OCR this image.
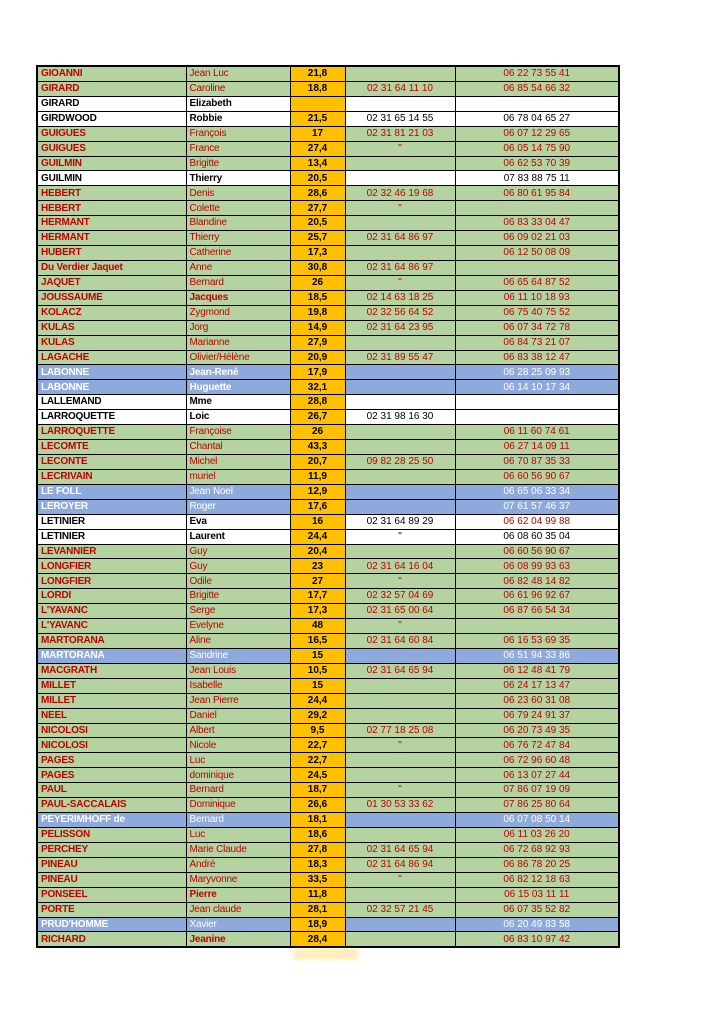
GIOANNI	Jean Luc	21,8		06 22 73 55 41
GIRARD	Caroline	18,8	02 31 64 11 10	06 85 54 66 32
GIRARD	Elizabeth			
GIRDWOOD	Robbie	21,5	02 31 65 14 55	06 78 04 65 27
GUIGUES	François	17	02 31 81 21 03	06 07 12 29 65
GUIGUES	France	27,4	"	06 05 14 75 90
GUILMIN	Brigitte	13,4		06 62 53 70 39
GUILMIN	Thierry	20,5		07 83 88 75 11
HEBERT	Denis	28,6	02 32 46 19 68	06 80 61 95 84
HEBERT	Colette	27,7	"	
HERMANT	Blandine	20,5		06 83 33 04 47
HERMANT	Thierry	25,7	02 31 64 86 97	06 09 02 21 03
HUBERT	Catherine	17,3		06 12 50 08 09
Du Verdier Jaquet	Anne	30,8	02 31 64 86 97	
JAQUET	Bernard	26	"	06 65 64 87 52
JOUSSAUME	Jacques	18,5	02 14 63 18 25	06 11 10 18 93
KOLACZ	Zygmond	19,8	02 32 56 64 52	06 75 40 75 52
KULAS	Jorg	14,9	02 31 64 23 95	06 07 34 72 78
KULAS	Marianne	27,9		06 84 73 21 07
LAGACHE	Olivier/Hélène	20,9	02 31 89 55 47	06 83 38 12 47
LABONNE	Jean-René	17,9		06 28 25 09 93
LABONNE	Huguette	32,1		06 14 10 17 34
LALLEMAND	Mme	28,8		
LARROQUETTE	Loic	26,7	02 31 98 16 30	
LARROQUETTE	Françoise	26		06 11 60 74 61
LECOMTE	Chantal	43,3		06 27 14 09 11
LECONTE	Michel	20,7	09 82 28 25 50	06 70 87 35 33
LECRIVAIN	muriel	11,9		06 60 56 90 67
LE FOLL	Jean Noel	12,9		06 65 06 33 34
LEROYER	Roger	17,6		07 61 57 46 37
LETINIER	Eva	16	02 31 64 89 29	06 62 04 99 88
LETINIER	Laurent	24,4	"	06 08 60 35 04
LEVANNIER	Guy	20,4		06 60 56 90 67
LONGFIER	Guy	23	02 31 64 16 04	06 08 99 93 63
LONGFIER	Odile	27	"	06 82 48 14 82
LORDI	Brigitte	17,7	02 32 57 04 69	06 61 96 92 67
L'YAVANC	Serge	17,3	02 31 65 00 64	06 87 66 54 34
L'YAVANC	Evelyne	48	"	
MARTORANA	Aline	16,5	02 31 64 60 84	06 16 53 69 35
MARTORANA	Sandrine	15		06 51 94 33 86
MACGRATH	Jean Louis	10,5	02 31 64 65 94	06 12 48 41 79
MILLET	Isabelle	15		06 24 17 13 47
MILLET	Jean Pierre	24,4		06 23 60 31 08
NEEL	Daniel	29,2		06 79 24 91 37
NICOLOSI	Albert	9,5	02 77 18 25 08	06 20 73 49 35
NICOLOSI	Nicole	22,7	"	06 76 72 47 84
PAGES	Luc	22,7		06 72 96 60 48
PAGES	dominique	24,5		06 13 07 27 44
PAUL	Bernard	18,7	"	07 86 07 19 09
PAUL-SACCALAIS	Dominique	26,6	01 30 53 33 62	07 86 25 80 64
PEYERIMHOFF de	Bernard	18,1		06 07 08 50 14
PELISSON	Luc	18,6		06 11 03 26 20
PERCHEY	Marie Claude	27,8	02 31 64 65 94	06 72 68 92 93
PINEAU	André	18,3	02 31 64 86 94	06 86 78 20 25
PINEAU	Maryvonne	33,5	"	06 82 12 18 63
PONSEEL	Pierre	11,8		06 15 03 11 11
PORTE	Jean claude	28,1	02 32 57 21 45	06 07 35 52 82
PRUD'HOMME	Xavier	18,9		06 20 49 83 58
RICHARD	Jeanine	28,4		06 83 10 97 42
